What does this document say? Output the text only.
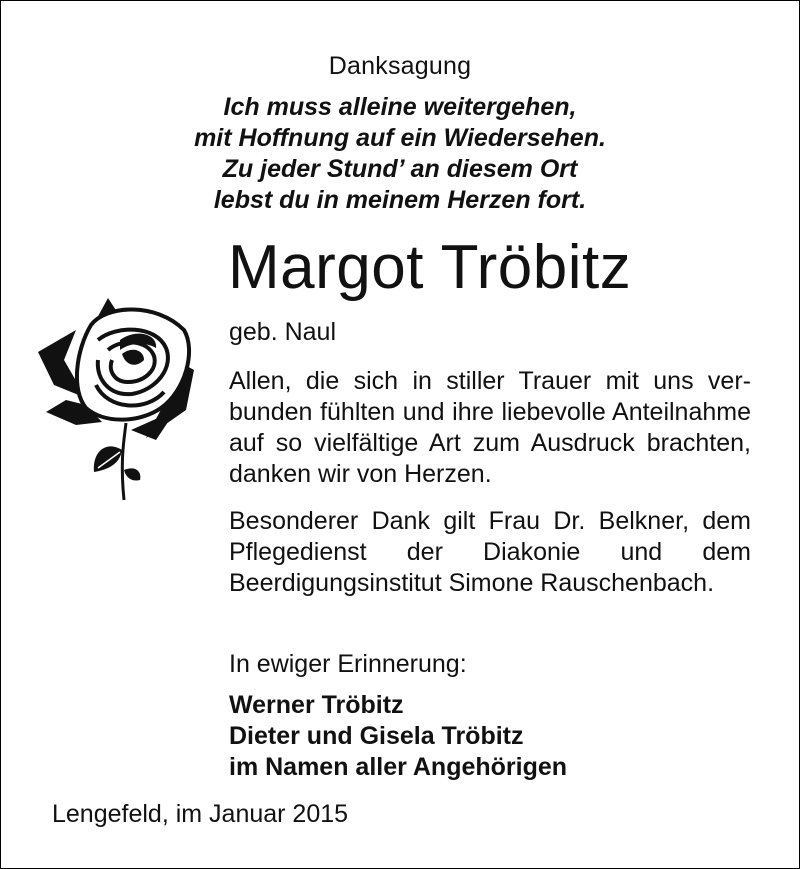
Danksagung
Ich muss alleine weitergehen,
mit Hoffnung auf ein Wiedersehen.
Zu jeder Stund’ an diesem Ort
lebst du in meinem Herzen fort.
Margot Tröbitz
geb. Naul
Allen, die sich in stiller Trauer mit uns verbunden fühlten und ihre liebevolle Anteilnahme auf so vielfältige Art zum Ausdruck brachten, danken wir von Herzen.
Besonderer Dank gilt Frau Dr. Belkner, dem Pflegedienst der Diakonie und dem Beerdigungsinstitut Simone Rauschenbach.
In ewiger Erinnerung:
Werner Tröbitz
Dieter und Gisela Tröbitz
im Namen aller Angehörigen
Lengefeld, im Januar 2015
